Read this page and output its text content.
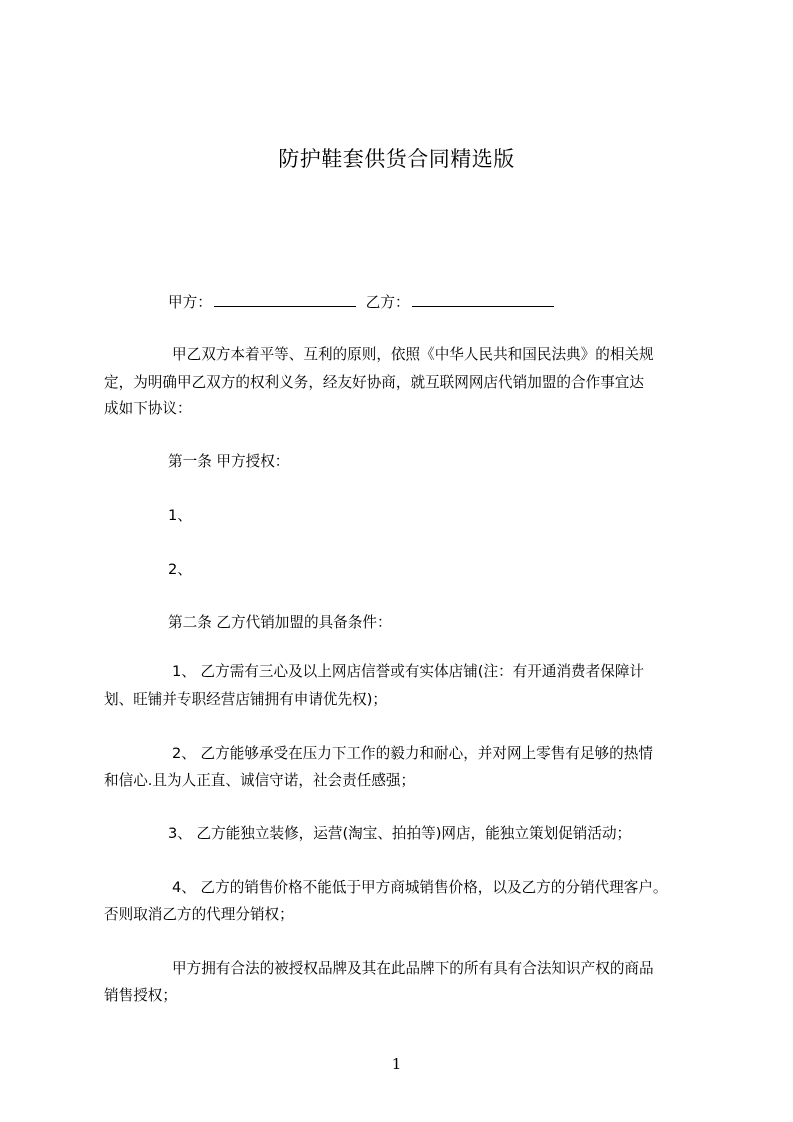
防护鞋套供货合同精选版
甲方：	乙方：
甲乙双方本着平等、互利的原则，依照《中华人民共和国民法典》的相关规
定，为明确甲乙双方的权利义务，经友好协商，就互联网网店代销加盟的合作事宜达
成如下协议：
第一条 甲方授权：
1、
2、
第二条 乙方代销加盟的具备条件：
1、 乙方需有三心及以上网店信誉或有实体店铺(注：有开通消费者保障计
划、旺铺并专职经营店铺拥有申请优先权)；
2、 乙方能够承受在压力下工作的毅力和耐心，并对网上零售有足够的热情
和信心.且为人正直、诚信守诺，社会责任感强；
3、 乙方能独立装修，运营(淘宝、拍拍等)网店，能独立策划促销活动；
4、 乙方的销售价格不能低于甲方商城销售价格，以及乙方的分销代理客户。
否则取消乙方的代理分销权；
甲方拥有合法的被授权品牌及其在此品牌下的所有具有合法知识产权的商品
销售授权；
1
